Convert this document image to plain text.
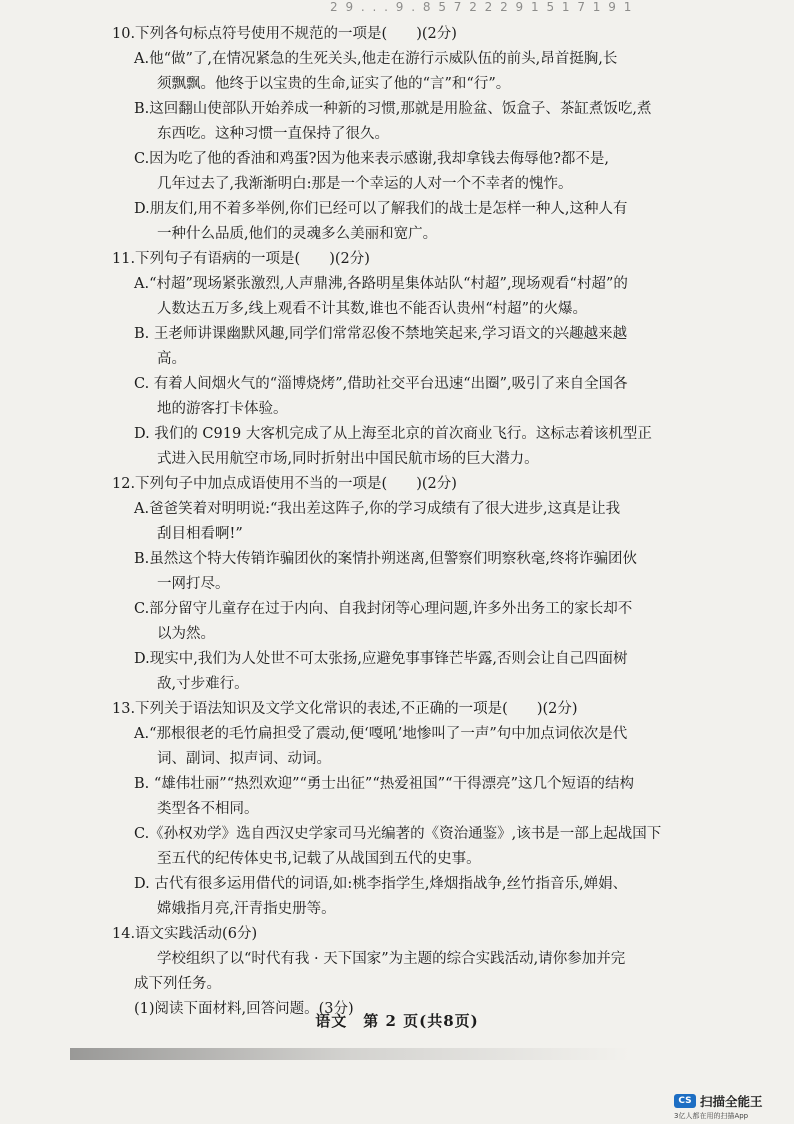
2 9 . . . 9 . 8 5 7 2 2 2 9 1 5 1 7 1 9 1
10.下列各句标点符号使用不规范的一项是(　　)(2分)
A.他“做”了,在情况紧急的生死关头,他走在游行示威队伍的前头,昂首挺胸,长
须飘飘。他终于以宝贵的生命,证实了他的“言”和“行”。
B.这回翻山使部队开始养成一种新的习惯,那就是用脸盆、饭盒子、茶缸煮饭吃,煮
东西吃。这种习惯一直保持了很久。
C.因为吃了他的香油和鸡蛋?因为他来表示感谢,我却拿钱去侮辱他?都不是,
几年过去了,我渐渐明白:那是一个幸运的人对一个不幸者的愧怍。
D.朋友们,用不着多举例,你们已经可以了解我们的战士是怎样一种人,这种人有
一种什么品质,他们的灵魂多么美丽和宽广。
11.下列句子有语病的一项是(　　)(2分)
A.“村超”现场紧张激烈,人声鼎沸,各路明星集体站队“村超”,现场观看“村超”的
人数达五万多,线上观看不计其数,谁也不能否认贵州“村超”的火爆。
B. 王老师讲课幽默风趣,同学们常常忍俊不禁地笑起来,学习语文的兴趣越来越
高。
C. 有着人间烟火气的“淄博烧烤”,借助社交平台迅速“出圈”,吸引了来自全国各
地的游客打卡体验。
D. 我们的 C919 大客机完成了从上海至北京的首次商业飞行。这标志着该机型正
式进入民用航空市场,同时折射出中国民航市场的巨大潜力。
12.下列句子中加点成语使用不当的一项是(　　)(2分)
A.爸爸笑着对明明说:“我出差这阵子,你的学习成绩有了很大进步,这真是让我
刮目相看啊!”
B.虽然这个特大传销诈骗团伙的案情扑朔迷离,但警察们明察秋毫,终将诈骗团伙
一网打尽。
C.部分留守儿童存在过于内向、自我封闭等心理问题,许多外出务工的家长却不
以为然。
D.现实中,我们为人处世不可太张扬,应避免事事锋芒毕露,否则会让自己四面树
敌,寸步难行。
13.下列关于语法知识及文学文化常识的表述,不正确的一项是(　　)(2分)
A.“那根很老的毛竹扁担受了震动,便‘嘎吼’地惨叫了一声”句中加点词依次是代
词、副词、拟声词、动词。
B. “雄伟壮丽”“热烈欢迎”“勇士出征”“热爱祖国”“干得漂亮”这几个短语的结构
类型各不相同。
C.《孙权劝学》选自西汉史学家司马光编著的《资治通鉴》,该书是一部上起战国下
至五代的纪传体史书,记载了从战国到五代的史事。
D. 古代有很多运用借代的词语,如:桃李指学生,烽烟指战争,丝竹指音乐,婵娟、
嫦娥指月亮,汗青指史册等。
14.语文实践活动(6分)
学校组织了以“时代有我 · 天下国家”为主题的综合实践活动,请你参加并完
成下列任务。
(1)阅读下面材料,回答问题。(3分)
语文　第 2 页(共8页)
CS 扫描全能王
3亿人都在用的扫描App
